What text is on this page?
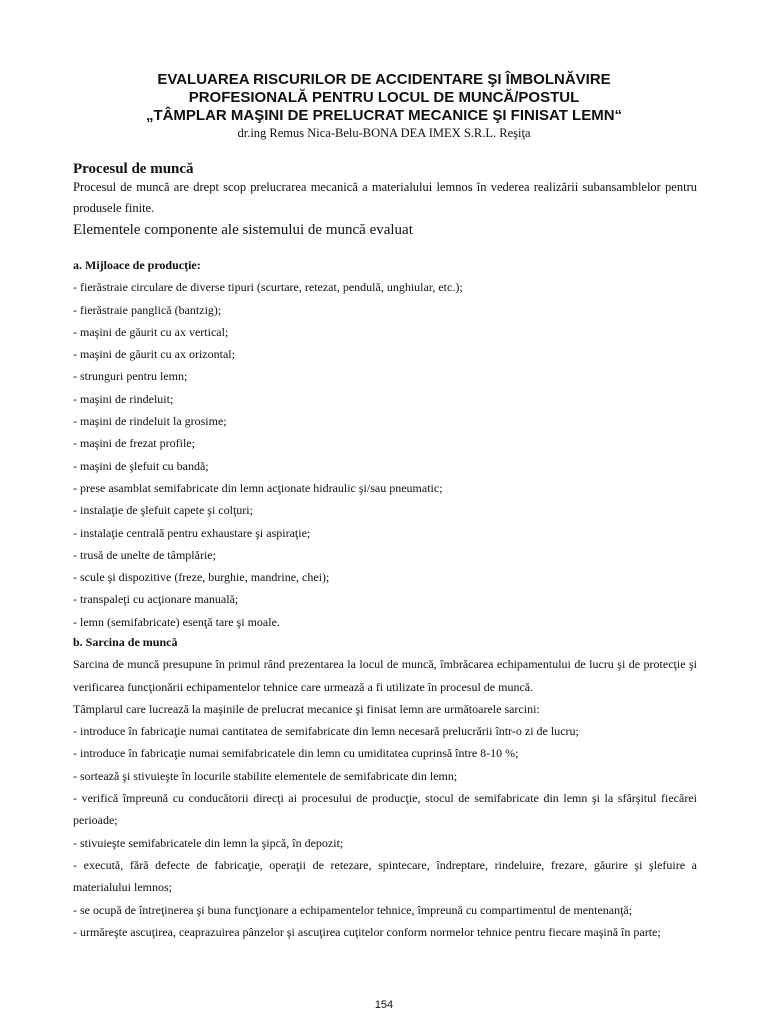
EVALUAREA RISCURILOR DE ACCIDENTARE ŞI ÎMBOLNĂVIRE
PROFESIONALĂ PENTRU LOCUL DE MUNCĂ/POSTUL
„TÂMPLAR MAŞINI DE PRELUCRAT MECANICE ŞI FINISAT LEMN“
dr.ing Remus Nica-Belu-BONA DEA IMEX S.R.L. Reşiţa
Procesul de muncă
Procesul de muncă are drept scop prelucrarea mecanică a materialului lemnos în vederea realizării subansamblelor pentru produsele finite.
Elementele componente ale sistemului de muncă evaluat
a. Mijloace de producţie:
- fierăstraie circulare de diverse tipuri (scurtare, retezat, pendulă, unghiular, etc.);
- fierăstraie panglică (bantzig);
- maşini de găurit cu ax vertical;
- maşini de găurit cu ax orizontal;
- strunguri pentru lemn;
- maşini de rindeluit;
- maşini de rindeluit la grosime;
- maşini de frezat profile;
- maşini de şlefuit cu bandă;
- prese asamblat semifabricate din lemn acţionate hidraulic şi/sau pneumatic;
- instalaţie de şlefuit capete şi colţuri;
- instalaţie centrală pentru exhaustare şi aspiraţie;
- trusă de unelte de tâmplărie;
- scule şi dispozitive (freze, burghie, mandrine, chei);
- transpaleţi cu acţionare manuală;
- lemn (semifabricate) esenţă tare şi moale.
b. Sarcina de muncă

Sarcina de muncă presupune în primul rând prezentarea la locul de muncă, îmbrăcarea echipamentului de lucru şi de protecţie şi verificarea funcţionării echipamentelor tehnice care urmează a fi utilizate în procesul de muncă.

Tâmplarul care lucrează la maşinile de prelucrat mecanice şi finisat lemn are următoarele sarcini:

- introduce în fabricaţie numai cantitatea de semifabricate din lemn necesară prelucrării într-o zi de lucru;
- introduce în fabricaţie numai semifabricatele din lemn cu umiditatea cuprinsă între 8-10 %;
- sortează şi stivuieşte în locurile stabilite elementele de semifabricate din lemn;
- verifică împreună cu conducătorii direcţi ai procesului de producţie, stocul de semifabricate din lemn şi la sfârşitul fiecărei perioade;
- stivuieşte semifabricatele din lemn la şipcă, în depozit;
- execută, fără defecte de fabricaţie, operaţii de retezare, spintecare, îndreptare, rindeluire, frezare, găurire şi şlefuire a materialului lemnos;
- se ocupă de întreţinerea şi buna funcţionare a echipamentelor tehnice, împreună cu compartimentul de mentenanţă;
- urmăreşte ascuţirea, ceaprazuirea pânzelor şi ascuţirea cuţitelor conform normelor tehnice pentru fiecare maşină în parte;
154
